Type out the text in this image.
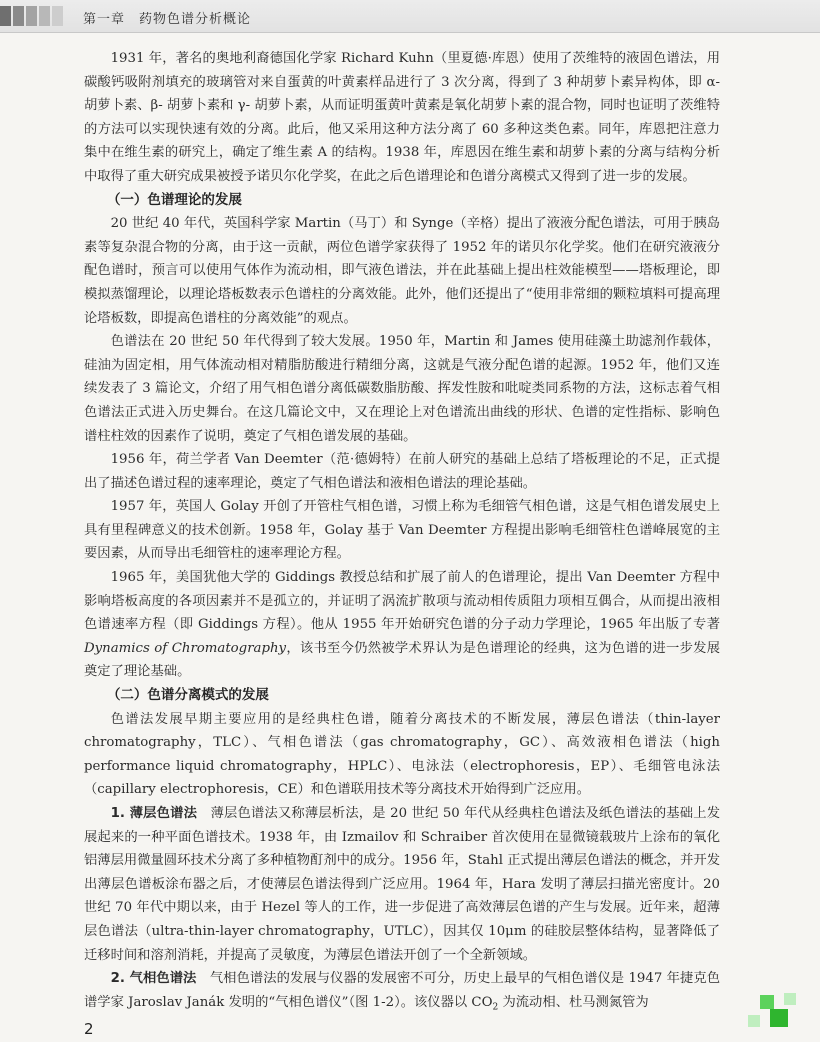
第一章　药物色谱分析概论

1931 年，著名的奥地利裔德国化学家 Richard Kuhn（里夏德·库恩）使用了茨维特的液固色谱法，用碳酸钙吸附剂填充的玻璃管对来自蛋黄的叶黄素样品进行了 3 次分离，得到了 3 种胡萝卜素异构体，即 α- 胡萝卜素、β- 胡萝卜素和 γ- 胡萝卜素，从而证明蛋黄叶黄素是氧化胡萝卜素的混合物，同时也证明了茨维特的方法可以实现快速有效的分离。此后，他又采用这种方法分离了 60 多种这类色素。同年，库恩把注意力集中在维生素的研究上，确定了维生素 A 的结构。1938 年，库恩因在维生素和胡萝卜素的分离与结构分析中取得了重大研究成果被授予诺贝尔化学奖，在此之后色谱理论和色谱分离模式又得到了进一步的发展。

（一）色谱理论的发展

20 世纪 40 年代，英国科学家 Martin（马丁）和 Synge（辛格）提出了液液分配色谱法，可用于胰岛素等复杂混合物的分离，由于这一贡献，两位色谱学家获得了 1952 年的诺贝尔化学奖。他们在研究液液分配色谱时，预言可以使用气体作为流动相，即气液色谱法，并在此基础上提出柱效能模型——塔板理论，即模拟蒸馏理论，以理论塔板数表示色谱柱的分离效能。此外，他们还提出了“使用非常细的颗粒填料可提高理论塔板数，即提高色谱柱的分离效能”的观点。

色谱法在 20 世纪 50 年代得到了较大发展。1950 年，Martin 和 James 使用硅藻土助滤剂作载体，硅油为固定相，用气体流动相对精脂肪酸进行精细分离，这就是气液分配色谱的起源。1952 年，他们又连续发表了 3 篇论文，介绍了用气相色谱分离低碳数脂肪酸、挥发性胺和吡啶类同系物的方法，这标志着气相色谱法正式进入历史舞台。在这几篇论文中，又在理论上对色谱流出曲线的形状、色谱的定性指标、影响色谱柱柱效的因素作了说明，奠定了气相色谱发展的基础。

1956 年，荷兰学者 Van Deemter（范·德姆特）在前人研究的基础上总结了塔板理论的不足，正式提出了描述色谱过程的速率理论，奠定了气相色谱法和液相色谱法的理论基础。

1957 年，英国人 Golay 开创了开管柱气相色谱，习惯上称为毛细管气相色谱，这是气相色谱发展史上具有里程碑意义的技术创新。1958 年，Golay 基于 Van Deemter 方程提出影响毛细管柱色谱峰展宽的主要因素，从而导出毛细管柱的速率理论方程。

1965 年，美国犹他大学的 Giddings 教授总结和扩展了前人的色谱理论，提出 Van Deemter 方程中影响塔板高度的各项因素并不是孤立的，并证明了涡流扩散项与流动相传质阻力项相互偶合，从而提出液相色谱速率方程（即 Giddings 方程）。他从 1955 年开始研究色谱的分子动力学理论，1965 年出版了专著 Dynamics of Chromatography，该书至今仍然被学术界认为是色谱理论的经典，这为色谱的进一步发展奠定了理论基础。

（二）色谱分离模式的发展

色谱法发展早期主要应用的是经典柱色谱，随着分离技术的不断发展，薄层色谱法（thin-layer chromatography，TLC）、气相色谱法（gas chromatography，GC）、高效液相色谱法（high performance liquid chromatography，HPLC）、电泳法（electrophoresis，EP）、毛细管电泳法（capillary electrophoresis，CE）和色谱联用技术等分离技术开始得到广泛应用。

1. 薄层色谱法　 薄层色谱法又称薄层析法，是 20 世纪 50 年代从经典柱色谱法及纸色谱法的基础上发展起来的一种平面色谱技术。1938 年，由 Izmailov 和 Schraiber 首次使用在显微镜载玻片上涂布的氧化铝薄层用微量圆环技术分离了多种植物酊剂中的成分。1956 年，Stahl 正式提出薄层色谱法的概念，并开发出薄层色谱板涂布器之后，才使薄层色谱法得到广泛应用。1964 年，Hara 发明了薄层扫描光密度计。20 世纪 70 年代中期以来，由于 Hezel 等人的工作，进一步促进了高效薄层色谱的产生与发展。近年来，超薄层色谱法（ultra-thin-layer chromatography，UTLC），因其仅 10μm 的硅胶层整体结构，显著降低了迁移时间和溶剂消耗，并提高了灵敏度，为薄层色谱法开创了一个全新领域。

2. 气相色谱法　 气相色谱法的发展与仪器的发展密不可分，历史上最早的气相色谱仪是 1947 年捷克色谱学家 Jaroslav Janák 发明的“气相色谱仪”（图 1-2）。该仪器以 $CO_2$ 为流动相、杜马测氮管为

2
